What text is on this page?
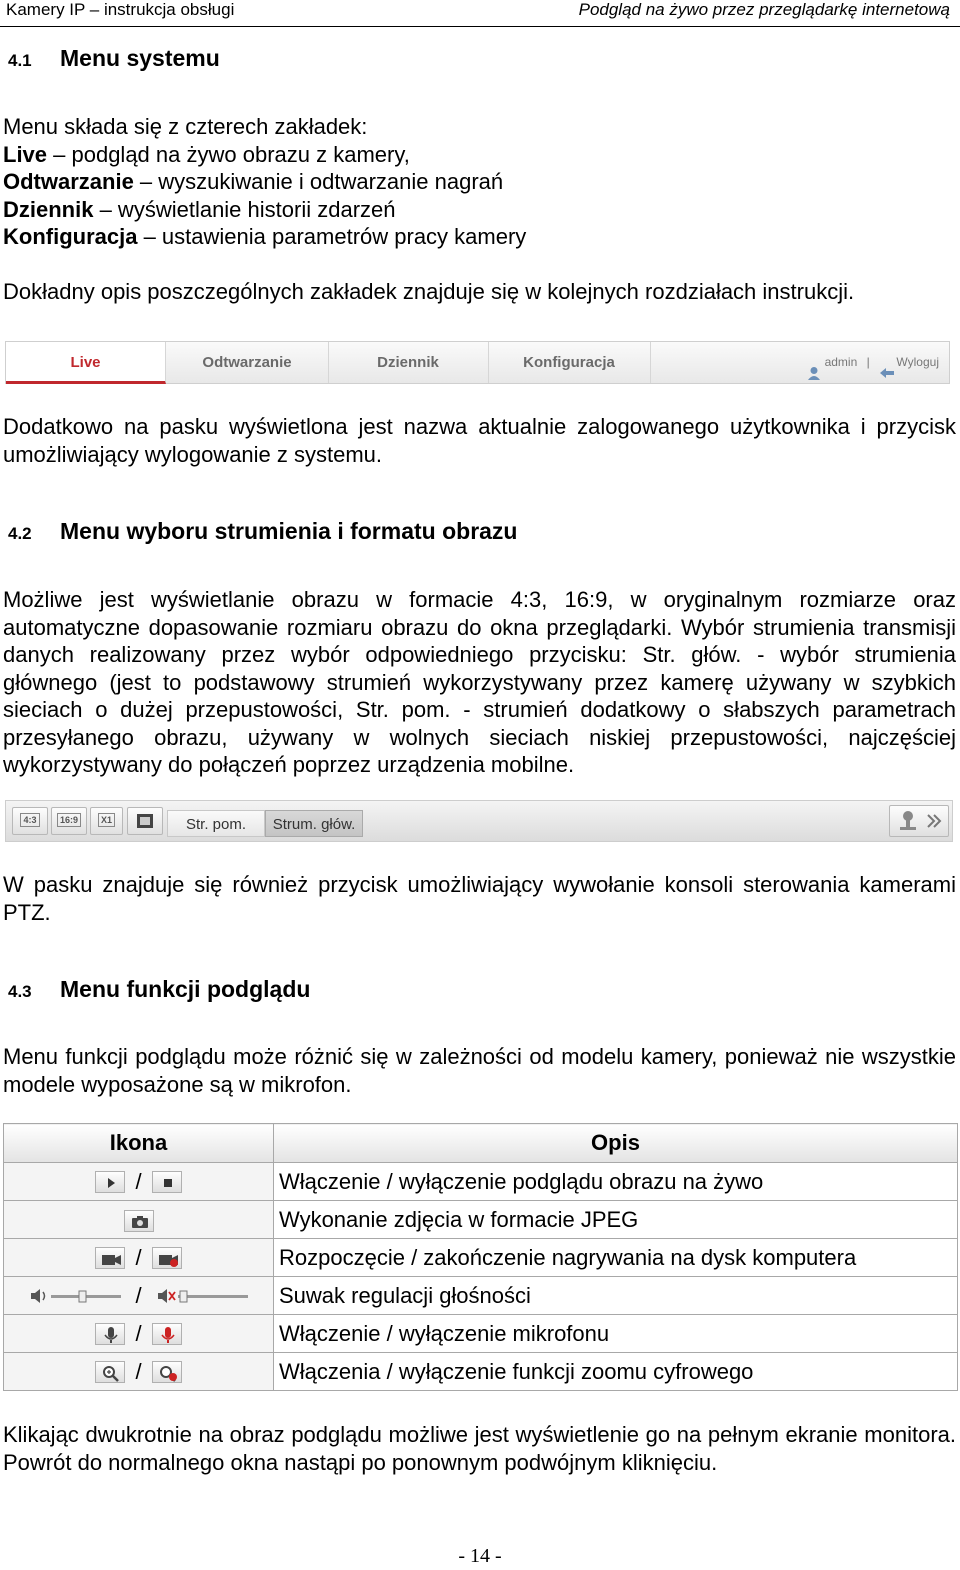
Kamery IP – instrukcja obsługi	Podgląd na żywo przez przeglądarkę internetową
4.1 Menu systemu
Menu składa się z czterech zakładek:
Live – podgląd na żywo obrazu z kamery,
Odtwarzanie – wyszukiwanie i odtwarzanie nagrań
Dziennik – wyświetlanie historii zdarzeń
Konfiguracja – ustawienia parametrów pracy kamery
Dokładny opis poszczególnych zakładek znajduje się w kolejnych rozdziałach instrukcji.
Live	Odtwarzanie	Dziennik	Konfiguracja	admin | Wyloguj
Dodatkowo na pasku wyświetlona jest nazwa aktualnie zalogowanego użytkownika i przycisk umożliwiający wylogowanie z systemu.
4.2 Menu wyboru strumienia i formatu obrazu
Możliwe jest wyświetlanie obrazu w formacie 4:3, 16:9, w oryginalnym rozmiarze oraz automatyczne dopasowanie rozmiaru obrazu do okna przeglądarki. Wybór strumienia transmisji danych realizowany przez wybór odpowiedniego przycisku: Str. głów. - wybór strumienia głównego (jest to podstawowy strumień wykorzystywany przez kamerę używany w szybkich sieciach o dużej przepustowości, Str. pom. - strumień dodatkowy o słabszych parametrach przesyłanego obrazu, używany w wolnych sieciach niskiej przepustowości, najczęściej wykorzystywany do połączeń poprzez urządzenia mobilne.
4:3	16:9	X1	Str. pom.	Strum. głów.
W pasku znajduje się również przycisk umożliwiający wywołanie konsoli sterowania kamerami PTZ.
4.3 Menu funkcji podglądu
Menu funkcji podglądu może różnić się w zależności od modelu kamery, ponieważ nie wszystkie modele wyposażone są w mikrofon.
Ikona	Opis

/	Włączenie / wyłączenie podglądu obrazu na żywo

	Wykonanie zdjęcia w formacie JPEG

/	Rozpoczęcie / zakończenie nagrywania na dysk komputera
/	Suwak regulacji głośności

/	Włączenie / wyłączenie mikrofonu

/	Włączenia / wyłączenie funkcji zoomu cyfrowego
Klikając dwukrotnie na obraz podglądu możliwe jest wyświetlenie go na pełnym ekranie monitora. Powrót do normalnego okna nastąpi po ponownym podwójnym kliknięciu.
- 14 -
